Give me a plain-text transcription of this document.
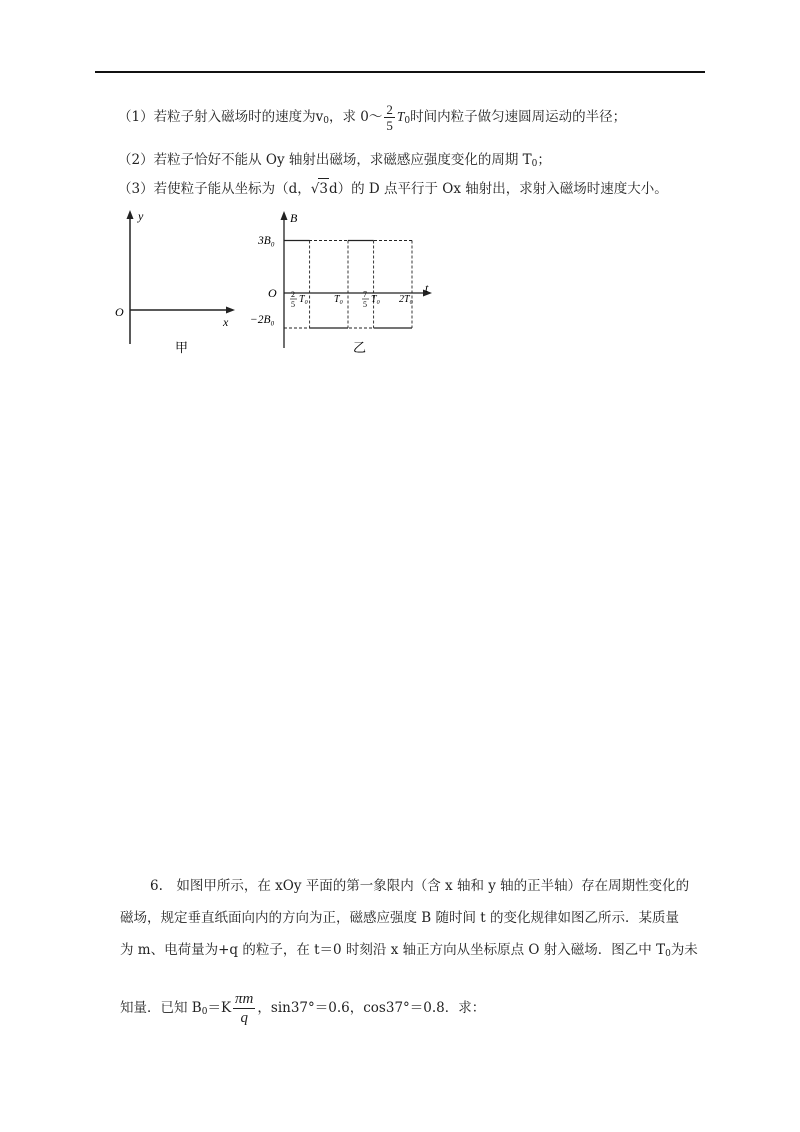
（1）若粒子射入磁场时的速度为$v_0$，求 0～ $\frac{2}{5} T_0$时间内粒子做匀速圆周运动的半径；
（2）若粒子恰好不能从 Oy 轴射出磁场，求磁感应强度变化的周期 $T_0$；
（3）若使粒子能从坐标为（d，√3d）的 D 点平行于 Ox 轴射出，求射入磁场时速度大小。
y
x
O
甲
B
t
O
3B₀
−2B₀
2
5 T₀	T₀ 7
5 T₀ 2T₀
乙
6.　如图甲所示，在 xOy 平面的第一象限内（含 x 轴和 y 轴的正半轴）存在周期性变化的
磁场，规定垂直纸面向内的方向为正，磁感应强度 B 随时间 t 的变化规律如图乙所示．某质量
为 m、电荷量为+q 的粒子，在 t＝0 时刻沿 x 轴正方向从坐标原点 O 射入磁场．图乙中 $T_0$为未
知量．已知 $B_0=K \frac{\pi m}{q}$ ，sin37°＝0.6，cos37°＝0.8．求：
